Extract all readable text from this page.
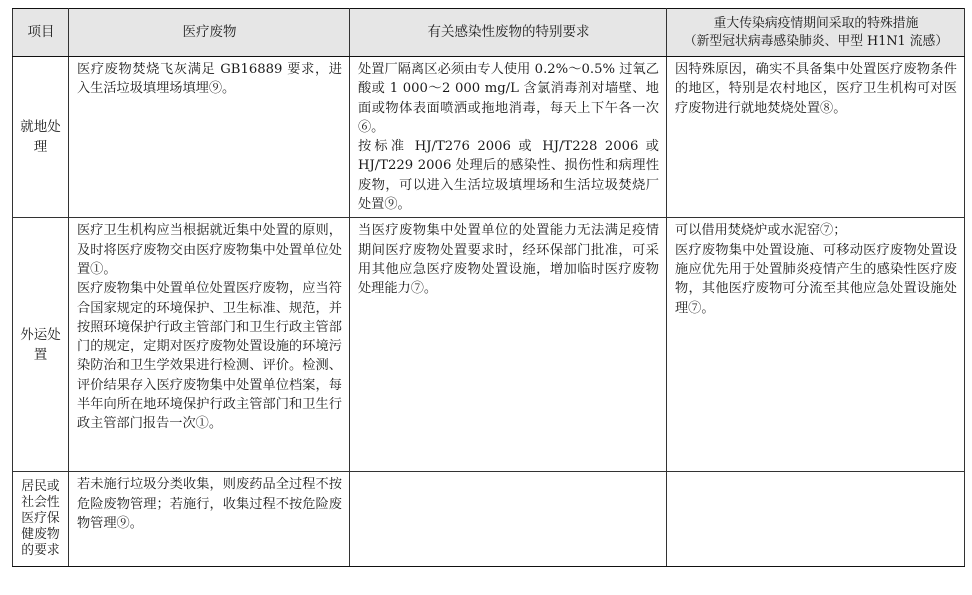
项目	医疗废物	有关感染性废物的特别要求	重大传染病疫情期间采取的特殊措施
（新型冠状病毒感染肺炎、甲型 H1N1 流感）

就地处理	医疗废物焚烧飞灰满足 GB16889 要求，进入生活垃圾填埋场填埋⑨。	处置厂隔离区必须由专人使用 0.2%～0.5% 过氧乙酸或 1 000～2 000 mg/L 含氯消毒剂对墙壁、地面或物体表面喷洒或拖地消毒，每天上下午各一次⑥。
按标准 HJ/T276 2006 或 HJ/T228 2006 或 HJ/T229 2006 处理后的感染性、损伤性和病理性废物，可以进入生活垃圾填埋场和生活垃圾焚烧厂处置⑨。	因特殊原因，确实不具备集中处置医疗废物条件的地区，特别是农村地区，医疗卫生机构可对医疗废物进行就地焚烧处置⑧。

外运处置	医疗卫生机构应当根据就近集中处置的原则，及时将医疗废物交由医疗废物集中处置单位处置①。
医疗废物集中处置单位处置医疗废物，应当符合国家规定的环境保护、卫生标准、规范，并按照环境保护行政主管部门和卫生行政主管部门的规定，定期对医疗废物处置设施的环境污染防治和卫生学效果进行检测、评价。检测、评价结果存入医疗废物集中处置单位档案，每半年向所在地环境保护行政主管部门和卫生行政主管部门报告一次①。	当医疗废物集中处置单位的处置能力无法满足疫情期间医疗废物处置要求时，经环保部门批准，可采用其他应急医疗废物处置设施，增加临时医疗废物处理能力⑦。	可以借用焚烧炉或水泥窑⑦；
医疗废物集中处置设施、可移动医疗废物处置设施应优先用于处置肺炎疫情产生的感染性医疗废物，其他医疗废物可分流至其他应急处置设施处理⑦。

居民或社会性医疗保健废物的要求	若未施行垃圾分类收集，则废药品全过程不按危险废物管理；若施行，收集过程不按危险废物管理⑨。		
